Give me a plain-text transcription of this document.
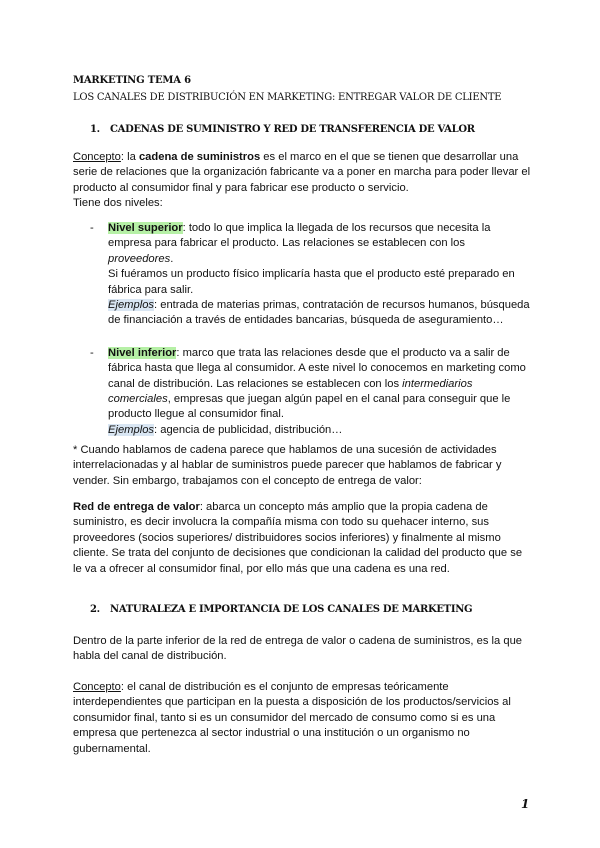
MARKETING TEMA 6
LOS CANALES DE DISTRIBUCIÓN EN MARKETING: ENTREGAR VALOR DE CLIENTE
1. CADENAS DE SUMINISTRO Y RED DE TRANSFERENCIA DE VALOR

Concepto: la cadena de suministros es el marco en el que se tienen que desarrollar una serie de relaciones que la organización fabricante va a poner en marcha para poder llevar el producto al consumidor final y para fabricar ese producto o servicio.

Tiene dos niveles:

- Nivel superior: todo lo que implica la llegada de los recursos que necesita la empresa para fabricar el producto. Las relaciones se establecen con los proveedores.

Si fuéramos un producto físico implicaría hasta que el producto esté preparado en fábrica para salir.

Ejemplos: entrada de materias primas, contratación de recursos humanos, búsqueda de financiación a través de entidades bancarias, búsqueda de aseguramiento…

- Nivel inferior: marco que trata las relaciones desde que el producto va a salir de fábrica hasta que llega al consumidor. A este nivel lo conocemos en marketing como canal de distribución. Las relaciones se establecen con los intermediarios comerciales, empresas que juegan algún papel en el canal para conseguir que le producto llegue al consumidor final.

Ejemplos: agencia de publicidad, distribución…

* Cuando hablamos de cadena parece que hablamos de una sucesión de actividades interrelacionadas y al hablar de suministros puede parecer que hablamos de fabricar y vender. Sin embargo, trabajamos con el concepto de entrega de valor:

Red de entrega de valor: abarca un concepto más amplio que la propia cadena de suministro, es decir involucra la compañía misma con todo su quehacer interno, sus proveedores (socios superiores/ distribuidores socios inferiores) y finalmente al mismo cliente. Se trata del conjunto de decisiones que condicionan la calidad del producto que se le va a ofrecer al consumidor final, por ello más que una cadena es una red.

2. NATURALEZA E IMPORTANCIA DE LOS CANALES DE MARKETING

Dentro de la parte inferior de la red de entrega de valor o cadena de suministros, es la que habla del canal de distribución.

Concepto: el canal de distribución es el conjunto de empresas teóricamente interdependientes que participan en la puesta a disposición de los productos/servicios al consumidor final, tanto si es un consumidor del mercado de consumo como si es una empresa que pertenezca al sector industrial o una institución o un organismo no gubernamental.

1
